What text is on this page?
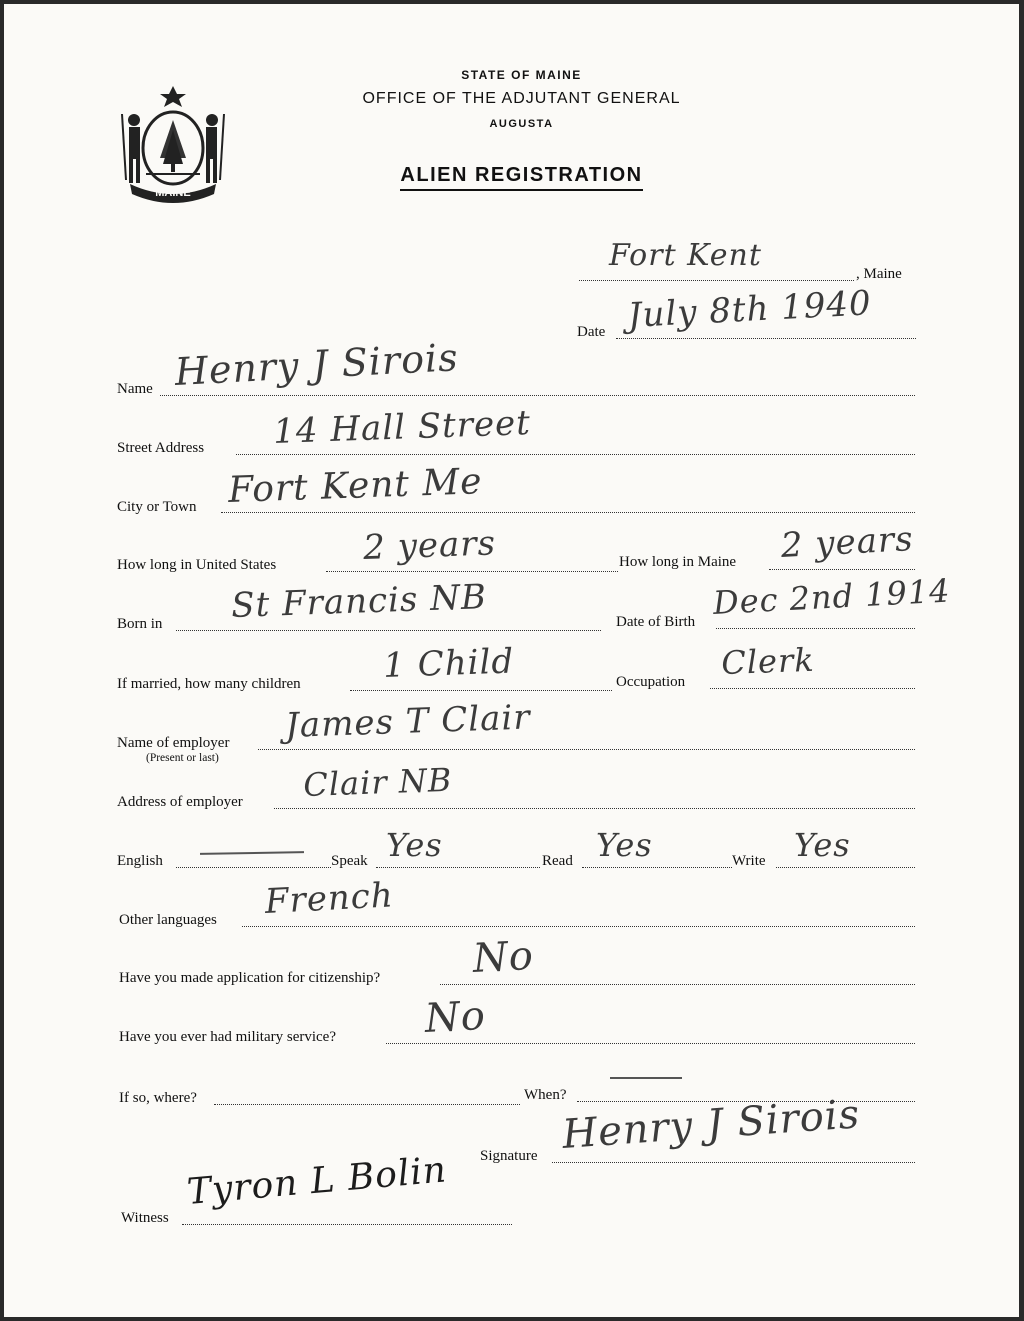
MAINE
STATE OF MAINE
OFFICE OF THE ADJUTANT GENERAL
AUGUSTA
ALIEN REGISTRATION
Fort Kent
, Maine
Date July 8th 1940
Name Henry J Sirois
Street Address 14 Hall Street
City or Town Fort Kent Me
How long in United States	2 years	How long in Maine 2 years
Born in St Francis NB	Date of Birth Dec 2nd 1914
If married, how many children 1 Child	Occupation Clerk
Name of employer
(Present or last)
James T Clair
Address of employer Clair NB
English	Speak Yes	Read Yes	Write Yes
Other languages French
Have you made application for citizenship? No
Have you ever had military service? No
If so, where?	When?
Signature Henry J Sirois
Witness
Tyron L Bolin
